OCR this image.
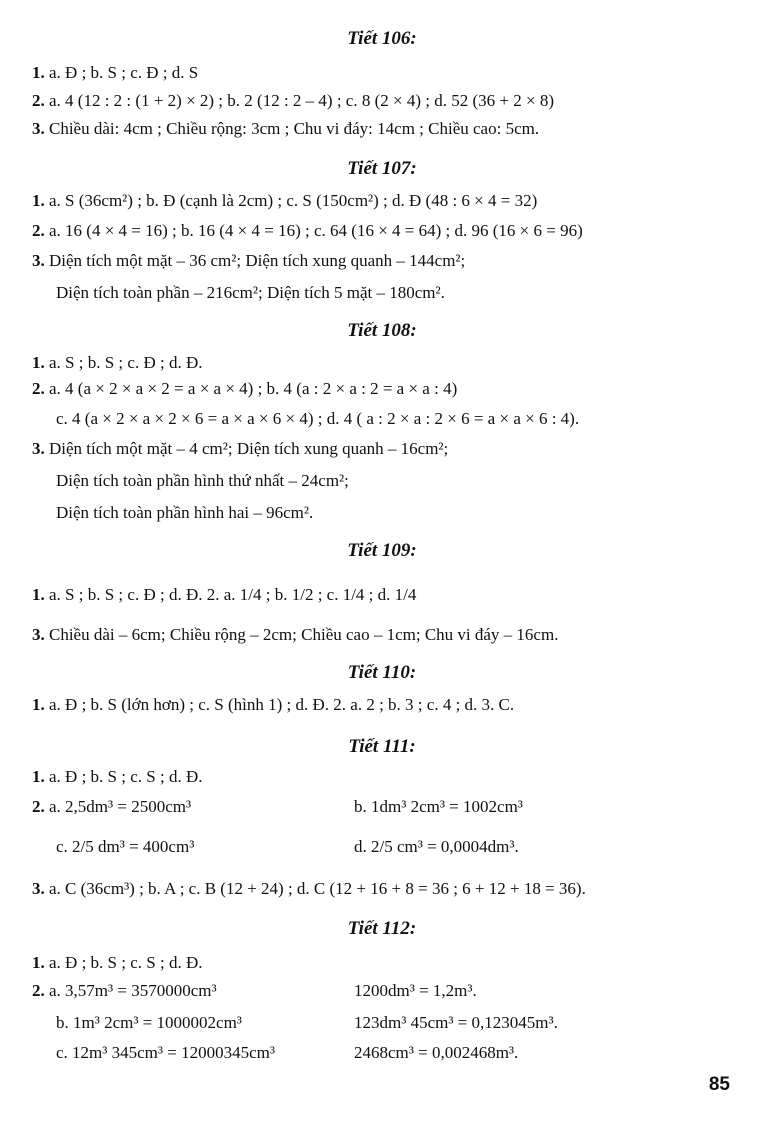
Tiết 106:
1. a. Đ ; b. S ; c. Đ ; d. S
2. a. 4 (12 : 2 : (1 + 2) × 2) ; b. 2 (12 : 2 – 4) ; c. 8 (2 × 4) ; d. 52 (36 + 2 × 8)
3. Chiều dài: 4cm ; Chiều rộng: 3cm ; Chu vi đáy: 14cm ; Chiều cao: 5cm.
Tiết 107:
1. a. S (36cm²) ; b. Đ (cạnh là 2cm) ; c. S (150cm²) ; d. Đ (48 : 6 × 4 = 32)
2. a. 16 (4 × 4 = 16) ; b. 16 (4 × 4 = 16) ; c. 64 (16 × 4 = 64) ; d. 96 (16 × 6 = 96)
3. Diện tích một mặt – 36 cm²; Diện tích xung quanh – 144cm²;
Diện tích toàn phần – 216cm²; Diện tích 5 mặt – 180cm².
Tiết 108:
1. a. S ; b. S ; c. Đ ; d. Đ.
2. a. 4 (a × 2 × a × 2 = a × a × 4) ; b. 4 (a : 2 × a : 2 = a × a : 4)
c. 4 (a × 2 × a × 2 × 6 = a × a × 6 × 4) ; d. 4 ( a : 2 × a : 2 × 6 = a × a × 6 : 4).
3. Diện tích một mặt – 4 cm²; Diện tích xung quanh – 16cm²;
Diện tích toàn phần hình thứ nhất – 24cm²;
Diện tích toàn phần hình hai – 96cm².
Tiết 109:
1. a. S ; b. S ; c. Đ ; d. Đ. 2. a. 1/4 ; b. 1/2 ; c. 1/4 ; d. 1/4
3. Chiều dài – 6cm; Chiều rộng – 2cm; Chiều cao – 1cm; Chu vi đáy – 16cm.
Tiết 110:
1. a. Đ ; b. S (lớn hơn) ; c. S (hình 1) ; d. Đ. 2. a. 2 ; b. 3 ; c. 4 ; d. 3. C.
Tiết 111:
1. a. Đ ; b. S ; c. S ; d. Đ.
2. a. 2,5dm³ = 2500cm³	b. 1dm³ 2cm³ = 1002cm³
c. 2/5 dm³ = 400cm³	d. 2/5 cm³ = 0,0004dm³.
3. a. C (36cm³) ; b. A ; c. B (12 + 24) ; d. C (12 + 16 + 8 = 36 ; 6 + 12 + 18 = 36).
Tiết 112:
1. a. Đ ; b. S ; c. S ; d. Đ.
2. a. 3,57m³ = 3570000cm³	1200dm³ = 1,2m³.
b. 1m³ 2cm³ = 1000002cm³	123dm³ 45cm³ = 0,123045m³.
c. 12m³ 345cm³ = 12000345cm³	2468cm³ = 0,002468m³.
85
